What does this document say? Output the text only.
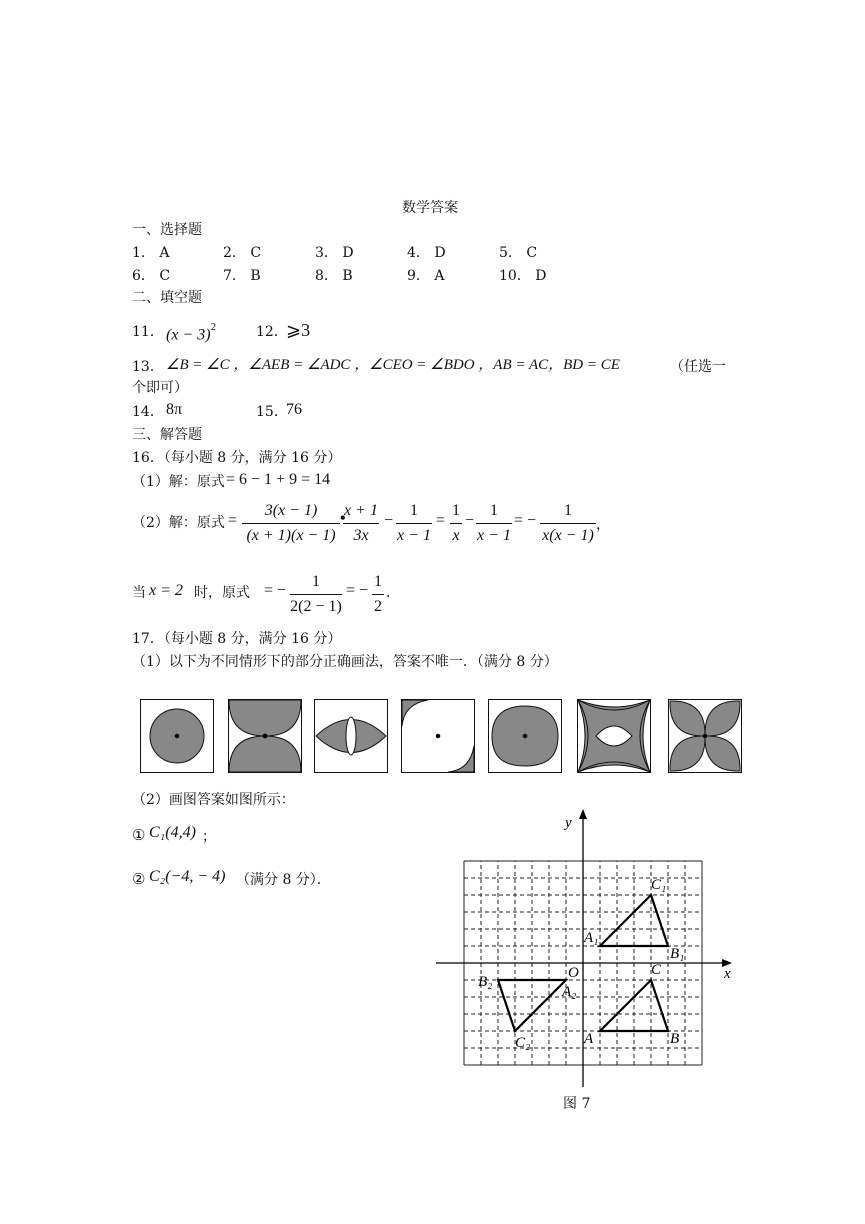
数学答案
一、选择题
1． A	2． C	3． D	4． D	5． C
6． C	7． B	8． B	9． A	10． D
二、填空题
11． $(x - 3)^2$	12．
⩾3
13． ∠B = ∠C ，∠AEB = ∠ADC ，∠CEO = ∠BDO ，AB = AC，BD = CE	（任选一
个即可）
14． 8π	15．
76
三、解答题
16．（每小题 8 分，满分 16 分）
（1）解：原式 = 6 − 1 + 9 = 14
（2）解：原式 =
3(x − 1)
(x + 1)(x − 1)
•
x + 1
3x
−
1
x − 1
=
1
x
−
1
x − 1
= −
1
x(x − 1)
，
当 x = 2 时，原式 = −
1
2(2 − 1)
= −
1
2
.
17．（每小题 8 分，满分 16 分）
（1）以下为不同情形下的部分正确画法，答案不唯一．（满分 8 分）
（2）画图答案如图所示：
① C₁(4,4) ；
② C₂(−4, − 4) （满分 8 分）．
x
y
O
A	B
C
A₁
B₁
C₁
A₂
B₂
C₂
图 7
